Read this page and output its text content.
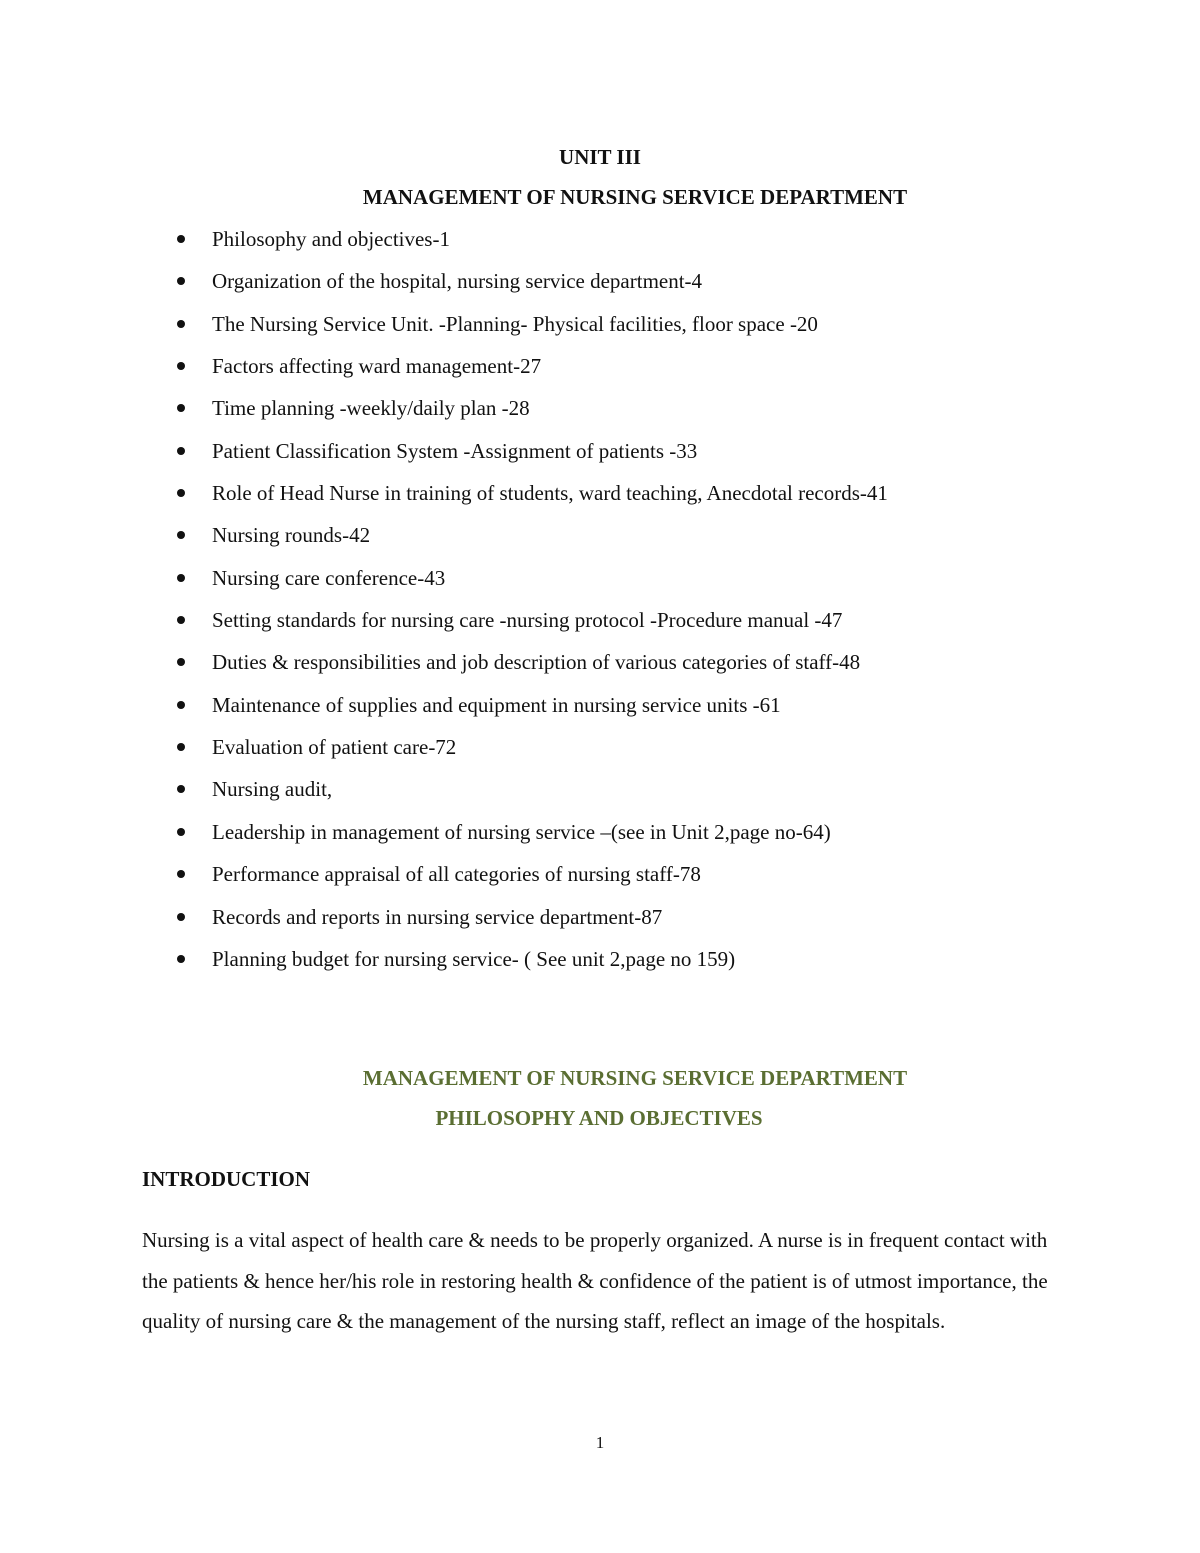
UNIT III
MANAGEMENT OF NURSING SERVICE DEPARTMENT
Philosophy and objectives-1
Organization of the hospital, nursing service department-4
The Nursing Service Unit. -Planning- Physical facilities, floor space -20
Factors affecting ward management-27
Time planning -weekly/daily plan -28
Patient Classification System -Assignment of patients -33
Role of Head Nurse in training of students, ward teaching, Anecdotal records-41
Nursing rounds-42
Nursing care conference-43
Setting standards for nursing care -nursing protocol -Procedure manual -47
Duties & responsibilities and job description of various categories of staff-48
Maintenance of supplies and equipment in nursing service units -61
Evaluation of patient care-72
Nursing audit,
Leadership in management of nursing service –(see in Unit 2,page no-64)
Performance appraisal of all categories of nursing staff-78
Records and reports in nursing service department-87
Planning budget for nursing service- ( See unit 2,page no 159)
MANAGEMENT OF NURSING SERVICE DEPARTMENT
PHILOSOPHY AND OBJECTIVES
INTRODUCTION

Nursing is a vital aspect of health care & needs to be properly organized. A nurse is in frequent contact with the patients & hence her/his role in restoring health & confidence of the patient is of utmost importance, the quality of nursing care & the management of the nursing staff, reflect an image of the hospitals.

1
